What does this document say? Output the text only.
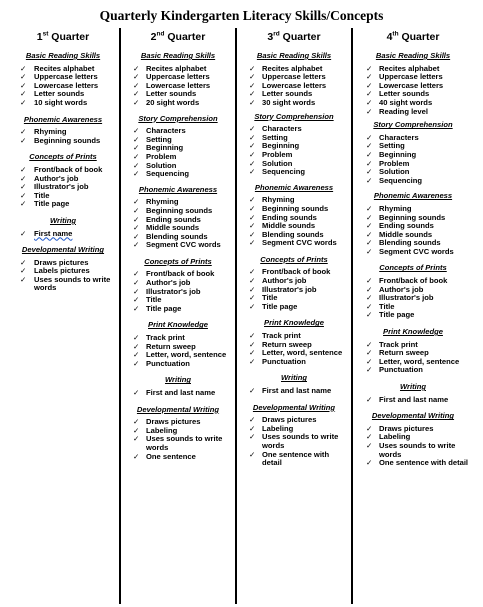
Quarterly Kindergarten Literacy Skills/Concepts
1st Quarter
Basic Reading Skills
✓ Recites alphabet
✓ Uppercase letters
✓ Lowercase letters
✓ Letter sounds
✓ 10 sight words
Phonemic Awareness
✓ Rhyming
✓ Beginning sounds
Concepts of Prints
✓ Front/back of book
✓ Author's job
✓ Illustrator's job
✓ Title
✓ Title page
Writing
✓ First name
Developmental Writing
✓ Draws pictures
✓ Labels pictures
✓ Uses sounds to write words
2nd Quarter
Basic Reading Skills
✓ Recites alphabet
✓ Uppercase letters
✓ Lowercase letters
✓ Letter sounds
✓ 20 sight words
Story Comprehension
✓ Characters
✓ Setting
✓ Beginning
✓ Problem
✓ Solution
✓ Sequencing
Phonemic Awareness
✓ Rhyming
✓ Beginning sounds
✓ Ending sounds
✓ Middle sounds
✓ Blending sounds
✓ Segment CVC words
Concepts of Prints
✓ Front/back of book
✓ Author's job
✓ Illustrator's job
✓ Title
✓ Title page
Print Knowledge
✓ Track print
✓ Return sweep
✓ Letter, word, sentence
✓ Punctuation
Writing
✓ First and last name
Developmental Writing
✓ Draws pictures
✓ Labeling
✓ Uses sounds to write words
✓ One sentence
3rd Quarter
Basic Reading Skills
✓ Recites alphabet
✓ Uppercase letters
✓ Lowercase letters
✓ Letter sounds
✓ 30 sight words
Story Comprehension
✓ Characters
✓ Setting
✓ Beginning
✓ Problem
✓ Solution
✓ Sequencing
Phonemic Awareness
✓ Rhyming
✓ Beginning sounds
✓ Ending sounds
✓ Middle sounds
✓ Blending sounds
✓ Segment CVC words
Concepts of Prints
✓ Front/back of book
✓ Author's job
✓ Illustrator's job
✓ Title
✓ Title page
Print Knowledge
✓ Track print
✓ Return sweep
✓ Letter, word, sentence
✓ Punctuation
Writing
✓ First and last name
Developmental Writing
✓ Draws pictures
✓ Labeling
✓ Uses sounds to write words
✓ One sentence with detail
4th Quarter
Basic Reading Skills
✓ Recites alphabet
✓ Uppercase letters
✓ Lowercase letters
✓ Letter sounds
✓ 40 sight words
✓ Reading level
Story Comprehension
✓ Characters
✓ Setting
✓ Beginning
✓ Problem
✓ Solution
✓ Sequencing
Phonemic Awareness
✓ Rhyming
✓ Beginning sounds
✓ Ending sounds
✓ Middle sounds
✓ Blending sounds
✓ Segment CVC words
Concepts of Prints
✓ Front/back of book
✓ Author's job
✓ Illustrator's job
✓ Title
✓ Title page
Print Knowledge
✓ Track print
✓ Return sweep
✓ Letter, word, sentence
✓ Punctuation
Writing
✓ First and last name
Developmental Writing
✓ Draws pictures
✓ Labeling
✓ Uses sounds to write words
✓ One sentence with detail
